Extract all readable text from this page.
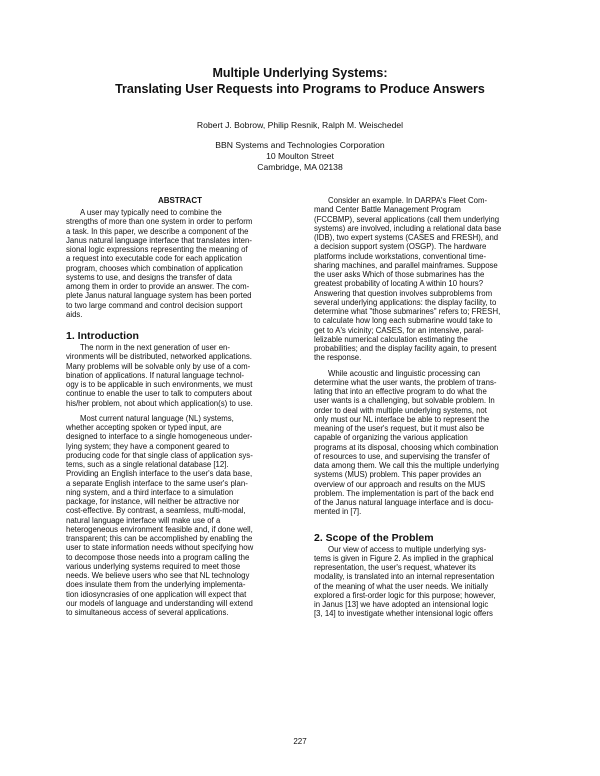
Multiple Underlying Systems:
Translating User Requests into Programs to Produce Answers
Robert J. Bobrow, Philip Resnik, Ralph M. Weischedel
BBN Systems and Technologies Corporation
10 Moulton Street
Cambridge, MA 02138
ABSTRACT
A user may typically need to combine the
strengths of more than one system in order to perform
a task. In this paper, we describe a component of the
Janus natural language interface that translates inten-
sional logic expressions representing the meaning of
a request into executable code for each application
program, chooses which combination of application
systems to use, and designs the transfer of data
among them in order to provide an answer. The com-
plete Janus natural language system has been ported
to two large command and control decision support
aids.
1. Introduction
The norm in the next generation of user en-
vironments will be distributed, networked applications.
Many problems will be solvable only by use of a com-
bination of applications. If natural language technol-
ogy is to be applicable in such environments, we must
continue to enable the user to talk to computers about
his/her problem, not about which application(s) to use.
Most current natural language (NL) systems,
whether accepting spoken or typed input, are
designed to interface to a single homogeneous under-
lying system; they have a component geared to
producing code for that single class of application sys-
tems, such as a single relational database [12].
Providing an English interface to the user's data base,
a separate English interface to the same user's plan-
ning system, and a third interface to a simulation
package, for instance, will neither be attractive nor
cost-effective. By contrast, a seamless, multi-modal,
natural language interface will make use of a
heterogeneous environment feasible and, if done well,
transparent; this can be accomplished by enabling the
user to state information needs without specifying how
to decompose those needs into a program calling the
various underlying systems required to meet those
needs. We believe users who see that NL technology
does insulate them from the underlying implementa-
tion idiosyncrasies of one application will expect that
our models of language and understanding will extend
to simultaneous access of several applications.
Consider an example. In DARPA's Fleet Com-
mand Center Battle Management Program
(FCCBMP), several applications (call them underlying
systems) are involved, including a relational data base
(IDB), two expert systems (CASES and FRESH), and
a decision support system (OSGP). The hardware
platforms include workstations, conventional time-
sharing machines, and parallel mainframes. Suppose
the user asks Which of those submarines has the
greatest probability of locating A within 10 hours?
Answering that question involves subproblems from
several underlying applications: the display facility, to
determine what "those submarines" refers to; FRESH,
to calculate how long each submarine would take to
get to A's vicinity; CASES, for an intensive, paral-
lelizable numerical calculation estimating the
probabilities; and the display facility again, to present
the response.
While acoustic and linguistic processing can
determine what the user wants, the problem of trans-
lating that into an effective program to do what the
user wants is a challenging, but solvable problem. In
order to deal with multiple underlying systems, not
only must our NL interface be able to represent the
meaning of the user's request, but it must also be
capable of organizing the various application
programs at its disposal, choosing which combination
of resources to use, and supervising the transfer of
data among them. We call this the multiple underlying
systems (MUS) problem. This paper provides an
overview of our approach and results on the MUS
problem. The implementation is part of the back end
of the Janus natural language interface and is docu-
mented in [7].
2. Scope of the Problem
Our view of access to multiple underlying sys-
tems is given in Figure 2. As implied in the graphical
representation, the user's request, whatever its
modality, is translated into an internal representation
of the meaning of what the user needs. We initially
explored a first-order logic for this purpose; however,
in Janus [13] we have adopted an intensional logic
[3, 14] to investigate whether intensional logic offers
227
